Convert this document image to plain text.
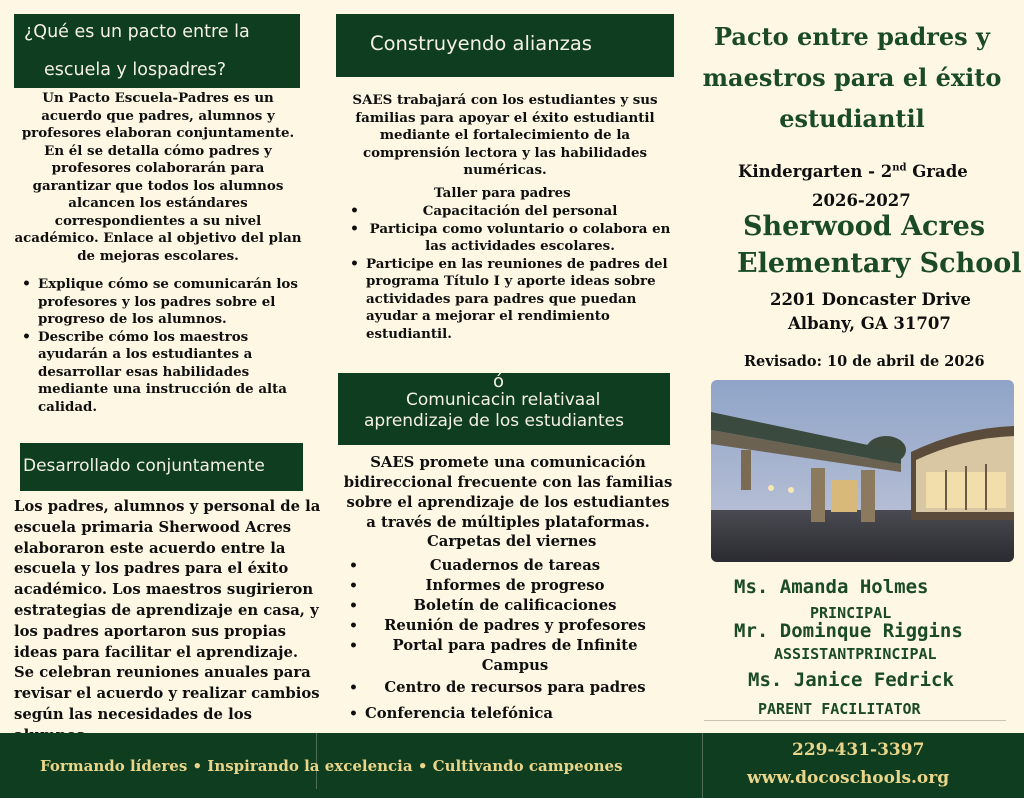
¿Qué es un pacto entre la
escuela y lospadres?
Un Pacto Escuela-Padres es un acuerdo que padres, alumnos y profesores elaboran conjuntamente. En él se detalla cómo padres y profesores colaborarán para garantizar que todos los alumnos alcancen los estándares correspondientes a su nivel académico. Enlace al objetivo del plan de mejoras escolares.
• Explique cómo se comunicarán los profesores y los padres sobre el progreso de los alumnos.
• Describe cómo los maestros ayudarán a los estudiantes a desarrollar esas habilidades mediante una instrucción de alta calidad.
Desarrollado conjuntamente
Los padres, alumnos y personal de la escuela primaria Sherwood Acres elaboraron este acuerdo entre la escuela y los padres para el éxito académico. Los maestros sugirieron estrategias de aprendizaje en casa, y los padres aportaron sus propias ideas para facilitar el aprendizaje. Se celebran reuniones anuales para revisar el acuerdo y realizar cambios según las necesidades de los
Construyendo alianzas
SAES trabajará con los estudiantes y sus familias para apoyar el éxito estudiantil mediante el fortalecimiento de la comprensión lectora y las habilidades numéricas.
Taller para padres
• Capacitación del personal
• Participa como voluntario o colabora en las actividades escolares.
• Participe en las reuniones de padres del programa Título I y aporte ideas sobre actividades para padres que puedan ayudar a mejorar el rendimiento estudiantil.
ó
Comunicacin relativaal
aprendizaje de los estudiantes
SAES promete una comunicación bidireccional frecuente con las familias sobre el aprendizaje de los estudiantes a través de múltiples plataformas.
Carpetas del viernes
• Cuadernos de tareas
• Informes de progreso
• Boletín de calificaciones
• Reunión de padres y profesores
• Portal para padres de Infinite Campus
• Centro de recursos para padres
• Conferencia telefónica
Pacto entre padres y maestros para el éxito estudiantil
Kindergarten - 2nd Grade
2026-2027
Sherwood Acres
Elementary School
2201 Doncaster Drive
Albany, GA 31707
Revisado: 10 de abril de 2026
Ms. Amanda Holmes
PRINCIPAL
Mr. Dominque Riggins
ASSISTANTPRINCIPAL
Ms. Janice Fedrick
PARENT FACILITATOR
Formando líderes • Inspirando la excelencia • Cultivando campeones
229-431-3397
www.docoschools.org
